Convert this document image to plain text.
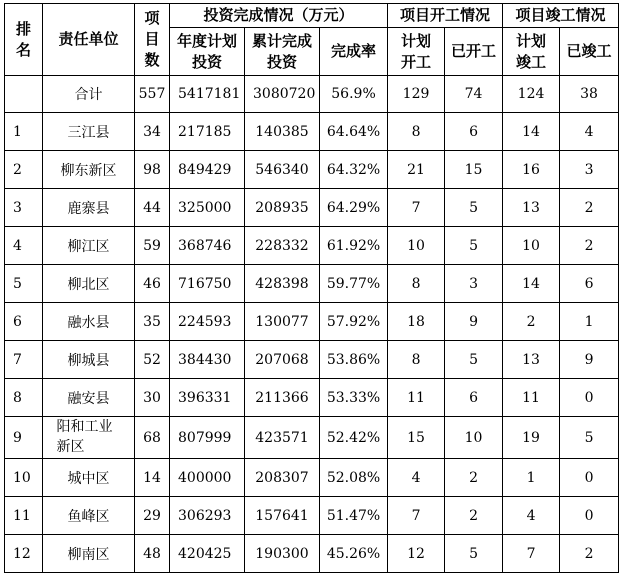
排名	责任单位	项目数	投资完成情况（万元）			项目开工情况		项目竣工情况	
			年度计划投资	累计完成投资	完成率	计划开工	已开工	计划竣工	已竣工
	合计	557	5417181	3080720	56.9%	129	74	124	38
1	三江县	34	217185	140385	64.64%	8	6	14	4
2	柳东新区	98	849429	546340	64.32%	21	15	16	3
3	鹿寨县	44	325000	208935	64.29%	7	5	13	2
4	柳江区	59	368746	228332	61.92%	10	5	10	2
5	柳北区	46	716750	428398	59.77%	8	3	14	6
6	融水县	35	224593	130077	57.92%	18	9	2	1
7	柳城县	52	384430	207068	53.86%	8	5	13	9
8	融安县	30	396331	211366	53.33%	11	6	11	0
9	阳和工业新区	68	807999	423571	52.42%	15	10	19	5
10	城中区	14	400000	208307	52.08%	4	2	1	0
11	鱼峰区	29	306293	157641	51.47%	7	2	4	0
12	柳南区	48	420425	190300	45.26%	12	5	7	2
